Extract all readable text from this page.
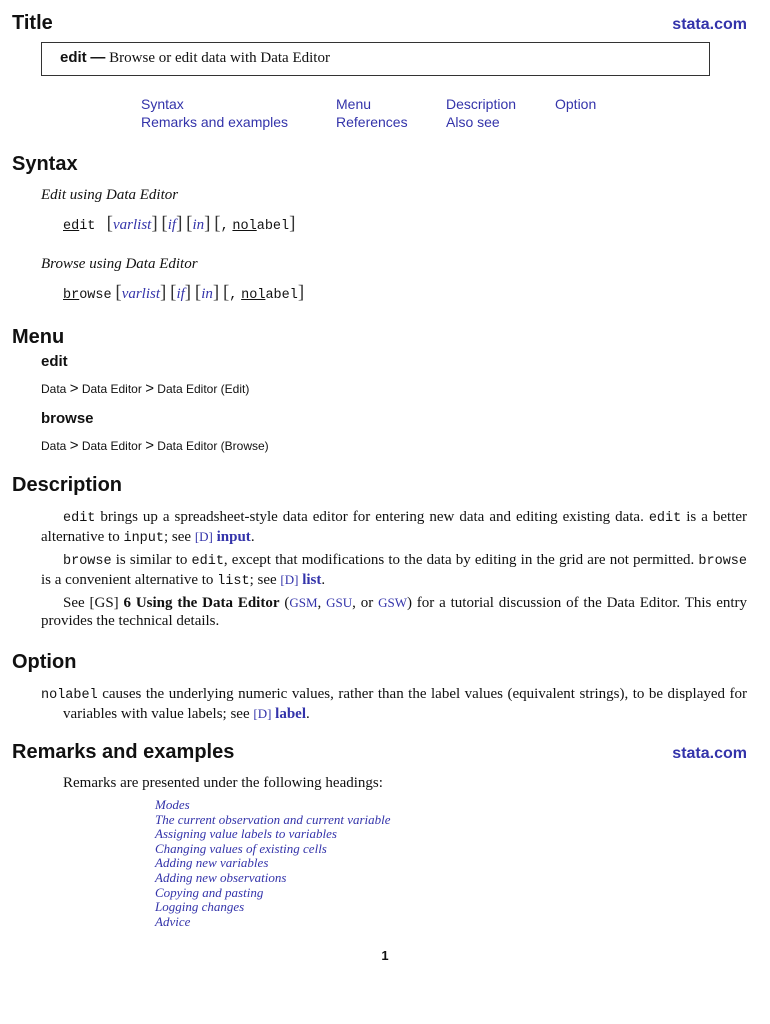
Title	stata.com
edit — Browse or edit data with Data Editor
Syntax	Menu	Description	Option
Remarks and examples	References	Also see
Syntax
Edit using Data Editor
edit [varlist] [if] [in] [, nolabel]
Browse using Data Editor
browse [varlist] [if] [in] [, nolabel]
Menu
edit
Data > Data Editor > Data Editor (Edit)
browse
Data > Data Editor > Data Editor (Browse)
Description
edit brings up a spreadsheet-style data editor for entering new data and editing existing data. edit is a better alternative to input; see [D] input.
browse is similar to edit, except that modifications to the data by editing in the grid are not permitted. browse is a convenient alternative to list; see [D] list.
See [GS] 6 Using the Data Editor (GSM, GSU, or GSW) for a tutorial discussion of the Data Editor. This entry provides the technical details.
Option
nolabel causes the underlying numeric values, rather than the label values (equivalent strings), to be displayed for variables with value labels; see [D] label.
Remarks and examples	stata.com
Remarks are presented under the following headings:
Modes
The current observation and current variable
Assigning value labels to variables
Changing values of existing cells
Adding new variables
Adding new observations
Copying and pasting
Logging changes
Advice
1
